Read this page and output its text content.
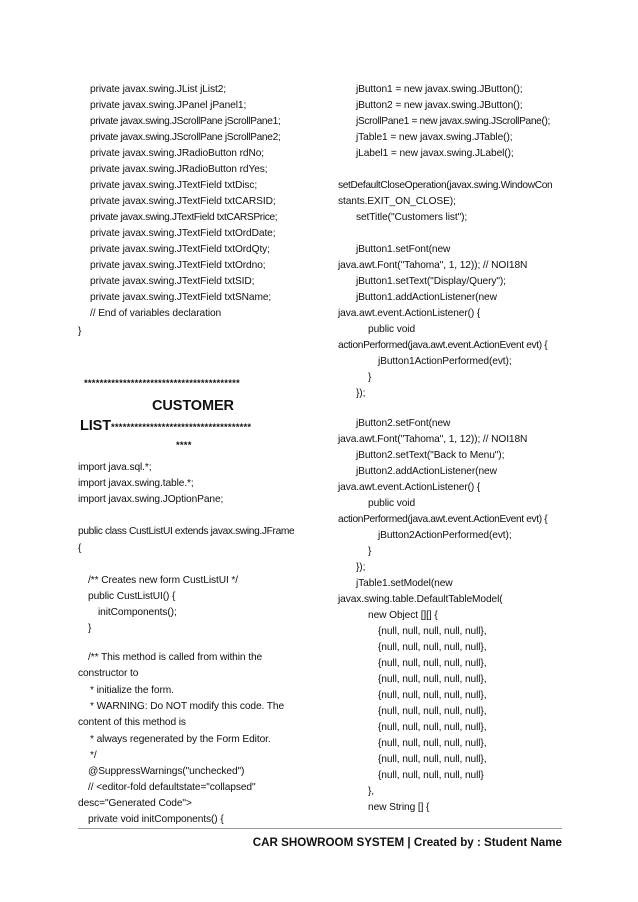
private javax.swing.JList jList2;
private javax.swing.JPanel jPanel1;
private javax.swing.JScrollPane jScrollPane1;
private javax.swing.JScrollPane jScrollPane2;
private javax.swing.JRadioButton rdNo;
private javax.swing.JRadioButton rdYes;
private javax.swing.JTextField txtDisc;
private javax.swing.JTextField txtCARSID;
private javax.swing.JTextField txtCARSPrice;
private javax.swing.JTextField txtOrdDate;
private javax.swing.JTextField txtOrdQty;
private javax.swing.JTextField txtOrdno;
private javax.swing.JTextField txtSID;
private javax.swing.JTextField txtSName;
// End of variables declaration
}
****************************************
CUSTOMER
LIST************************************
****
import java.sql.*;
import javax.swing.table.*;
import javax.swing.JOptionPane;
public class CustListUI extends javax.swing.JFrame
{
/** Creates new form CustListUI */
public CustListUI() {
initComponents();
}
/** This method is called from within the
constructor to
* initialize the form.
* WARNING: Do NOT modify this code. The
content of this method is
* always regenerated by the Form Editor.
*/
@SuppressWarnings("unchecked")
// <editor-fold defaultstate="collapsed"
desc="Generated Code">
private void initComponents() {
jButton1 = new javax.swing.JButton();
jButton2 = new javax.swing.JButton();
jScrollPane1 = new javax.swing.JScrollPane();
jTable1 = new javax.swing.JTable();
jLabel1 = new javax.swing.JLabel();
setDefaultCloseOperation(javax.swing.WindowCon
stants.EXIT_ON_CLOSE);
setTitle("Customers list");
jButton1.setFont(new
java.awt.Font("Tahoma", 1, 12)); // NOI18N
jButton1.setText("Display/Query");
jButton1.addActionListener(new
java.awt.event.ActionListener() {
public void
actionPerformed(java.awt.event.ActionEvent evt) {
jButton1ActionPerformed(evt);
}
});
jButton2.setFont(new
java.awt.Font("Tahoma", 1, 12)); // NOI18N
jButton2.setText("Back to Menu");
jButton2.addActionListener(new
java.awt.event.ActionListener() {
public void
actionPerformed(java.awt.event.ActionEvent evt) {
jButton2ActionPerformed(evt);
}
});
jTable1.setModel(new
javax.swing.table.DefaultTableModel(
new Object [][] {
{null, null, null, null, null},
{null, null, null, null, null},
{null, null, null, null, null},
{null, null, null, null, null},
{null, null, null, null, null},
{null, null, null, null, null},
{null, null, null, null, null},
{null, null, null, null, null},
{null, null, null, null, null},
{null, null, null, null, null}
},
new String [] {
CAR SHOWROOM SYSTEM | Created by : Student Name
